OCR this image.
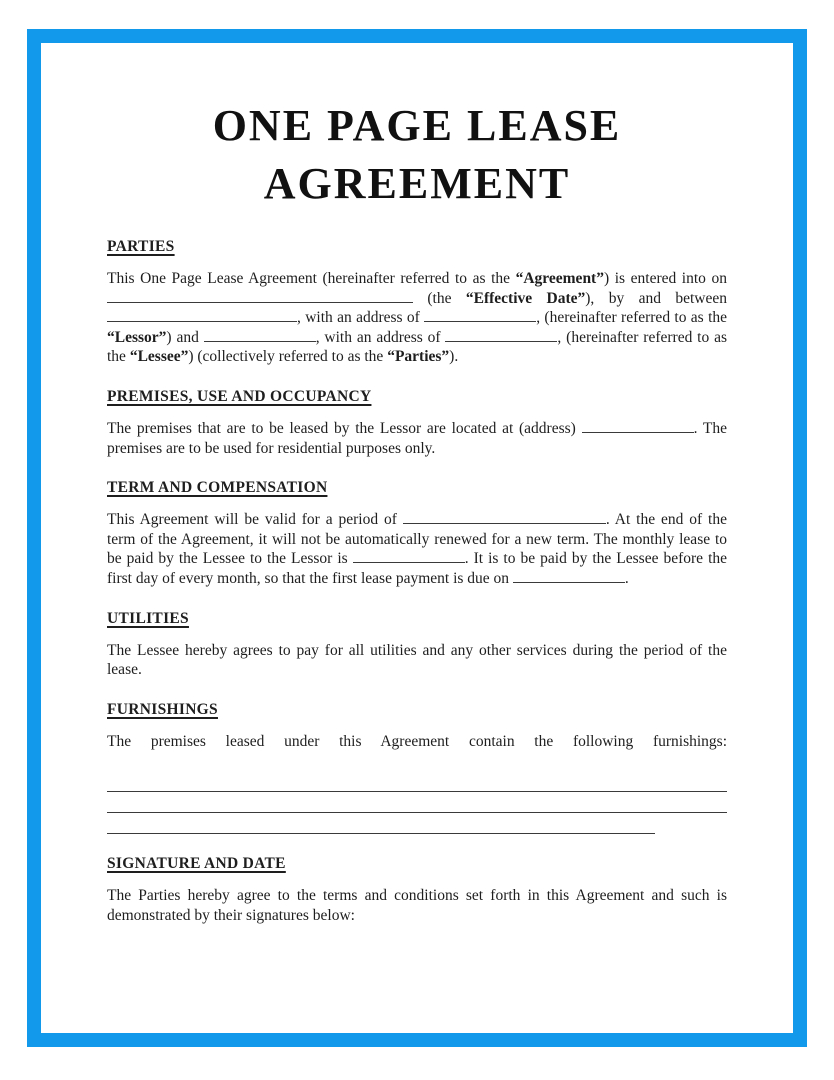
ONE PAGE LEASE AGREEMENT
PARTIES

This One Page Lease Agreement (hereinafter referred to as the “Agreement”) is entered into on  (the “Effective Date”), by and between , with an address of	, (hereinafter referred to as the “Lessor”) and	, with an address of	, (hereinafter referred to as the “Lessee”) (collectively referred to as the “Parties”).

PREMISES, USE AND OCCUPANCY

The premises that are to be leased by the Lessor are located at (address)	. The premises are to be used for residential purposes only.

TERM AND COMPENSATION

This Agreement will be valid for a period of	. At the end of the term of the Agreement, it will not be automatically renewed for a new term. The monthly lease to be paid by the Lessee to the Lessor is	. It is to be paid by the Lessee before the first day of every month, so that the first lease payment is due on	.

UTILITIES

The Lessee hereby agrees to pay for all utilities and any other services during the period of the lease.

FURNISHINGS

The premises leased under this Agreement contain the following furnishings:

SIGNATURE AND DATE

The Parties hereby agree to the terms and conditions set forth in this Agreement and such is demonstrated by their signatures below:
